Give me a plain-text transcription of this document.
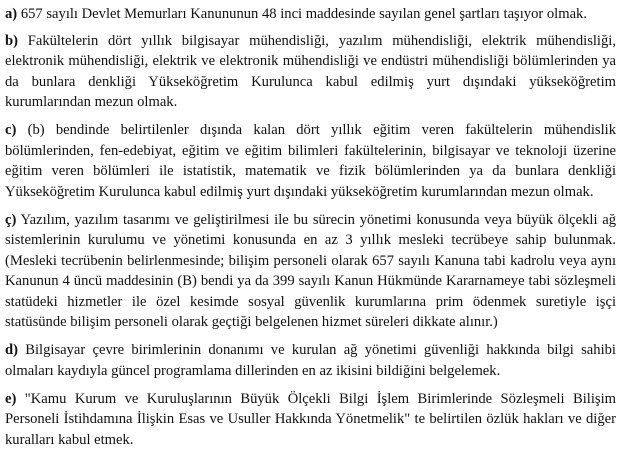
a) 657 sayılı Devlet Memurları Kanununun 48 inci maddesinde sayılan genel şartları taşıyor olmak.

b) Fakültelerin dört yıllık bilgisayar mühendisliği, yazılım mühendisliği, elektrik mühendisliği, elektronik mühendisliği, elektrik ve elektronik mühendisliği ve endüstri mühendisliği bölümlerinden ya da bunlara denkliği Yükseköğretim Kurulunca kabul edilmiş yurt dışındaki yükseköğretim kurumlarından mezun olmak.

c) (b) bendinde belirtilenler dışında kalan dört yıllık eğitim veren fakültelerin mühendislik bölümlerinden, fen-edebiyat, eğitim ve eğitim bilimleri fakültelerinin, bilgisayar ve teknoloji üzerine eğitim veren bölümleri ile istatistik, matematik ve fizik bölümlerinden ya da bunlara denkliği Yükseköğretim Kurulunca kabul edilmiş yurt dışındaki yükseköğretim kurumlarından mezun olmak.

ç) Yazılım, yazılım tasarımı ve geliştirilmesi ile bu sürecin yönetimi konusunda veya büyük ölçekli ağ sistemlerinin kurulumu ve yönetimi konusunda en az 3 yıllık mesleki tecrübeye sahip bulunmak. (Mesleki tecrübenin belirlenmesinde; bilişim personeli olarak 657 sayılı Kanuna tabi kadrolu veya aynı Kanunun 4 üncü maddesinin (B) bendi ya da 399 sayılı Kanun Hükmünde Kararnameye tabi sözleşmeli statüdeki hizmetler ile özel kesimde sosyal güvenlik kurumlarına prim ödenmek suretiyle işçi statüsünde bilişim personeli olarak geçtiği belgelenen hizmet süreleri dikkate alınır.)

d) Bilgisayar çevre birimlerinin donanımı ve kurulan ağ yönetimi güvenliği hakkında bilgi sahibi olmaları kaydıyla güncel programlama dillerinden en az ikisini bildiğini belgelemek.

e) "Kamu Kurum ve Kuruluşlarının Büyük Ölçekli Bilgi İşlem Birimlerinde Sözleşmeli Bilişim Personeli İstihdamına İlişkin Esas ve Usuller Hakkında Yönetmelik" te belirtilen özlük hakları ve diğer kuralları kabul etmek.
